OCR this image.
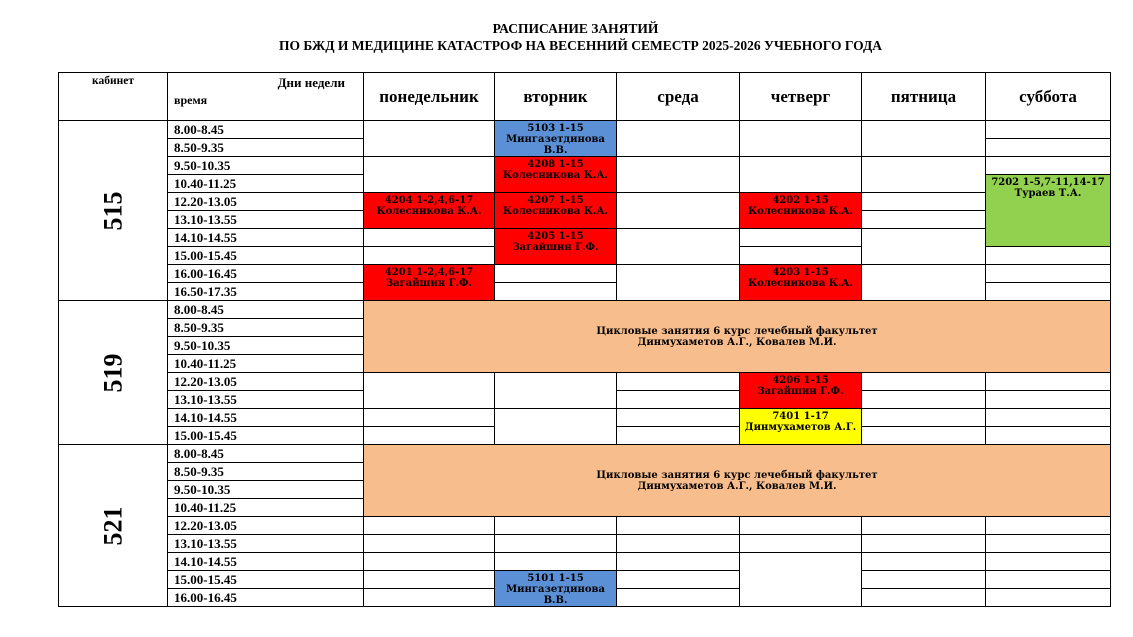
РАСПИСАНИЕ ЗАНЯТИЙ
ПО БЖД И МЕДИЦИНЕ КАТАСТРОФ НА ВЕСЕННИЙ СЕМЕСТР 2025-2026 УЧЕБНОГО ГОДА
кабинет	Дни недели
время	понедельник	вторник	среда	четверг	пятница	суббота
515	8.00-8.45		5103 1-15
Мингазетдинова
В.В.				

	8.50-9.35						
	9.50-10.35		4208 1-15
Колесникова К.А.				

	10.40-11.25						7202 1-5,7-11,14-17
Тураев Т.А.

	12.20-13.05	4204 1-2,4,6-17
Колесникова К.А.	4207 1-15
Колесникова К.А.		4202 1-15
Колесникова К.А.		

	13.10-13.55						
	14.10-14.55		4205 1-15
Загайшин Г.Ф.				

	15.00-15.45						
	16.00-16.45	4201 1-2,4,6-17
Загайшин Г.Ф.			4203 1-15
Колесникова К.А.		

	16.50-17.35						
519	8.00-8.45	Цикловые занятия 6 курс лечебный факультет
Динмухаметов А.Г., Ковалев М.И.					

	8.50-9.35						
	9.50-10.35						
	10.40-11.25						
	12.20-13.05				4206 1-15
Загайшин Г.Ф.		

	13.10-13.55						
	14.10-14.55				7401 1-17
Динмухаметов А.Г.		

	15.00-15.45						
521	8.00-8.45	Цикловые занятия 6 курс лечебный факультет
Динмухаметов А.Г., Ковалев М.И.					

	8.50-9.35						
	9.50-10.35						
	10.40-11.25						
	12.20-13.05						
	13.10-13.55						
	14.10-14.55						
	15.00-15.45		5101 1-15
Мингазетдинова
В.В.				

	16.00-16.45						
